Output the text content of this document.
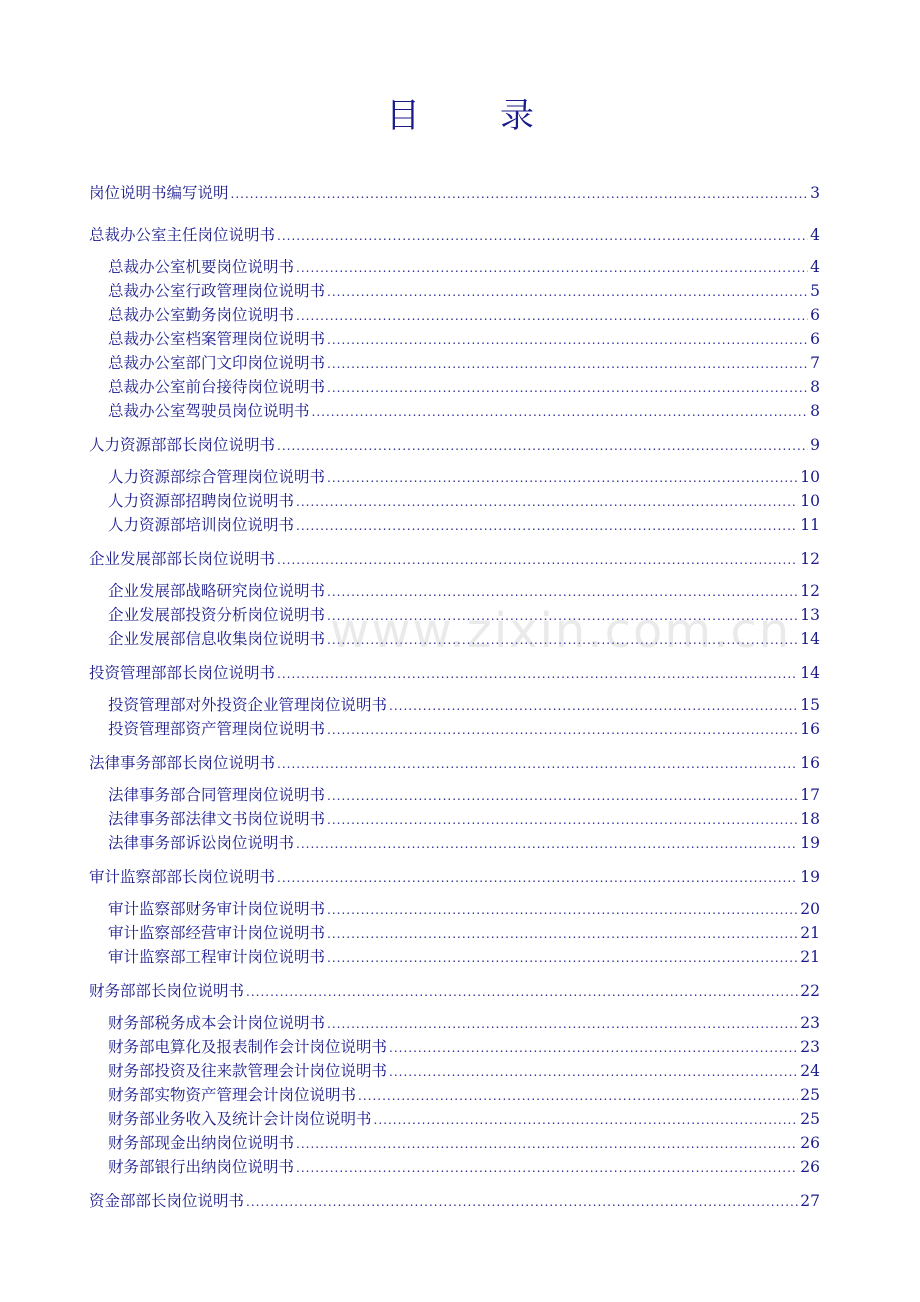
目 录
岗位说明书编写说明 .....	3
总裁办公室主任岗位说明书 .....	4
总裁办公室机要岗位说明书 .....	4
总裁办公室行政管理岗位说明书 .....	5
总裁办公室勤务岗位说明书 .....	6
总裁办公室档案管理岗位说明书 .....	6
总裁办公室部门文印岗位说明书 .....	7
总裁办公室前台接待岗位说明书 .....	8
总裁办公室驾驶员岗位说明书 .....	8
人力资源部部长岗位说明书 .....	9
人力资源部综合管理岗位说明书 .....	10
人力资源部招聘岗位说明书 .....	10
人力资源部培训岗位说明书 .....	11
企业发展部部长岗位说明书 .....	12
企业发展部战略研究岗位说明书 .....	12
企业发展部投资分析岗位说明书 .....	13
企业发展部信息收集岗位说明书 .....	14
投资管理部部长岗位说明书 .....	14
投资管理部对外投资企业管理岗位说明书 .....	15
投资管理部资产管理岗位说明书 .....	16
法律事务部部长岗位说明书 .....	16
法律事务部合同管理岗位说明书 .....	17
法律事务部法律文书岗位说明书 .....	18
法律事务部诉讼岗位说明书 .....	19
审计监察部部长岗位说明书 .....	19
审计监察部财务审计岗位说明书 .....	20
审计监察部经营审计岗位说明书 .....	21
审计监察部工程审计岗位说明书 .....	21
财务部部长岗位说明书 .....	22
财务部税务成本会计岗位说明书 .....	23
财务部电算化及报表制作会计岗位说明书 .....	23
财务部投资及往来款管理会计岗位说明书 .....	24
财务部实物资产管理会计岗位说明书 .....	25
财务部业务收入及统计会计岗位说明书 .....	25
财务部现金出纳岗位说明书 .....	26
财务部银行出纳岗位说明书 .....	26
资金部部长岗位说明书 .....	27
www.zixin.com.cn
